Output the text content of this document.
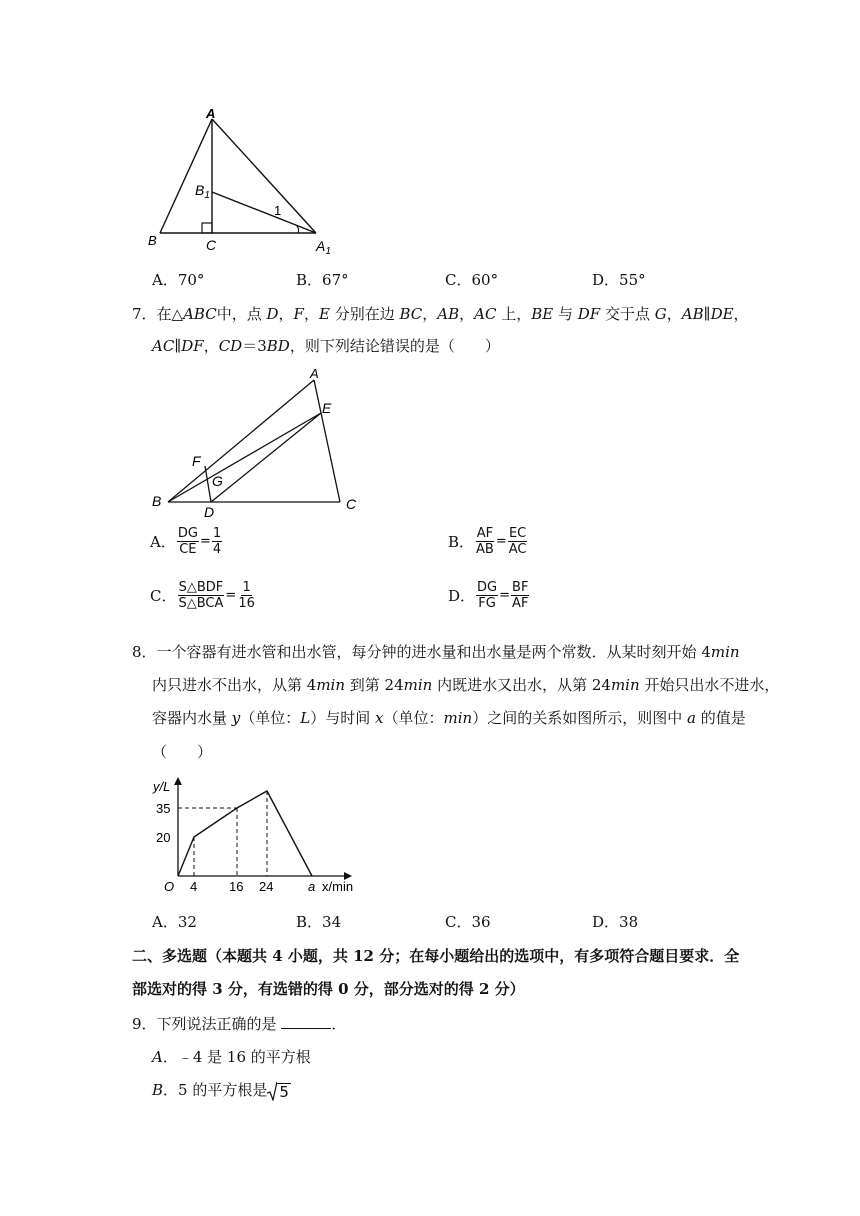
A
$B_1$
1
B	C	$A_1$
A．70°	B．67°	C．60°	D．55°
7．在△ABC中，点 D，F，E 分别在边 BC，AB，AC 上，BE 与 DF 交于点 G，AB∥DE，
AC∥DF，CD＝3BD，则下列结论错误的是（　　）
A
E
F
G
B
D	C
A． $\frac{DG}{CE} = \frac{1}{4}$	B． $\frac{AF}{AB} = \frac{EC}{AC}$
C． $\frac{\text{S△BDF}}{\text{S△BCA}} = \frac{1}{16}$	D． $\frac{DG}{FG} = \frac{BF}{AF}$
8．一个容器有进水管和出水管，每分钟的进水量和出水量是两个常数．从某时刻开始 4min
内只进水不出水，从第 4min 到第 24min 内既进水又出水，从第 24min 开始只出水不进水，
容器内水量 y（单位：L）与时间 x（单位：min）之间的关系如图所示，则图中 a 的值是
（　　）
y/L
35
20
O 4 16 24	a x/min
A．32	B．34	C．36	D．38
二、多选题（本题共 4 小题，共 12 分；在每小题给出的选项中，有多项符合题目要求．全
部选对的得 3 分，有选错的得 0 分，部分选对的得 2 分）
9．下列说法正确的是	．
A．﹣4 是 16 的平方根
B．5 的平方根是 5
